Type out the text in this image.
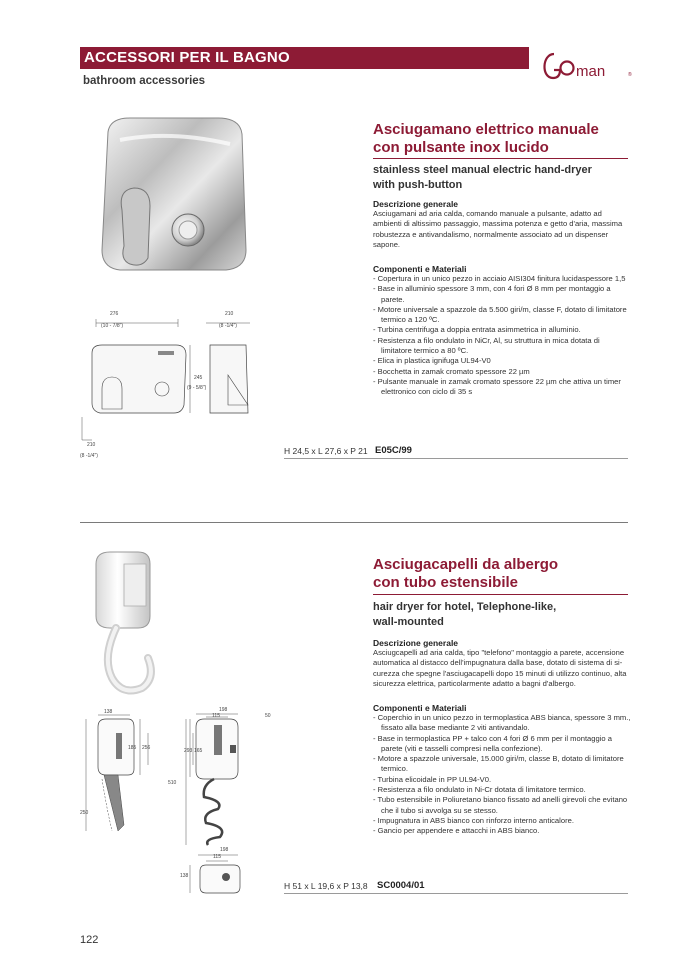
ACCESSORI PER IL BAGNO
bathroom accessories
man	®
276
(10 - 7/8")
210
(8 -1/4")
245
(9 - 5/8")
210
(8 -1/4")
Asciugamano elettrico manuale
con pulsante inox lucido
stainless steel manual electric hand-dryer
with push-button
Descrizione generale
Asciugamani ad aria calda, comando manuale a pulsante, adatto ad
ambienti di altissimo passaggio, massima potenza e getto d'aria, massima
robustezza e antivandalismo, normalmente associato ad un dispenser
sapone.
Componenti e Materiali
- Copertura in un unico pezzo in acciaio AISI304 finitura lucidaspessore 1,5
- Base in alluminio spessore 3 mm, con 4 fori Ø 8 mm per montaggio a parete.
- Motore universale a spazzole da 5.500 giri/m, classe F, dotato di limitatore termico a 120 ºC.
- Turbina centrifuga a doppia entrata asimmetrica in alluminio.
- Resistenza a filo ondulato in NiCr, Al, su struttura in mica dotata di limitatore termico a 80 ºC.
- Elica in plastica ignifuga UL94-V0
- Bocchetta in zamak cromato spessore 22 µm
- Pulsante manuale in zamak cromato spessore 22 µm che attiva un timer elettronico con ciclo di 35 s
H 24,5 x L 27,6 x P 21 E05C/99
138	198
115	50
185 256	293 165
510
250
198
115
138
Asciugacapelli da albergo
con tubo estensibile
hair dryer for hotel, Telephone-like,
wall-mounted
Descrizione generale
Asciugcapelli ad aria calda, tipo "telefono" montaggio a parete, accensione
automatica al distacco dell'impugnatura dalla base, dotato di sistema di si-
curezza che spegne l'asciugacapelli dopo 15 minuti di utilizzo continuo, alta
sicurezza elettrica, particolarmente adatto a bagni d'albergo.
Componenti e Materiali
- Coperchio in un unico pezzo in termoplastica ABS bianca, spessore 3 mm., fissato alla base mediante 2 viti antivandalo.
- Base in termoplastica PP + talco con 4 fori Ø 6 mm per il montaggio a parete (viti e tasselli compresi nella confezione).
- Motore a spazzole universale, 15.000 giri/m, classe B, dotato di limitatore termico.
- Turbina elicoidale in PP UL94-V0.
- Resistenza a filo ondulato in Ni-Cr dotata di limitatore termico.
- Tubo estensibile in Poliuretano bianco fissato ad anelli girevoli che evitano che il tubo si avvolga su se stesso.
- Impugnatura in ABS bianco con rinforzo interno anticalore.
- Gancio per appendere e attacchi in ABS bianco.
H 51 x L 19,6 x P 13,8 SC0004/01
122
